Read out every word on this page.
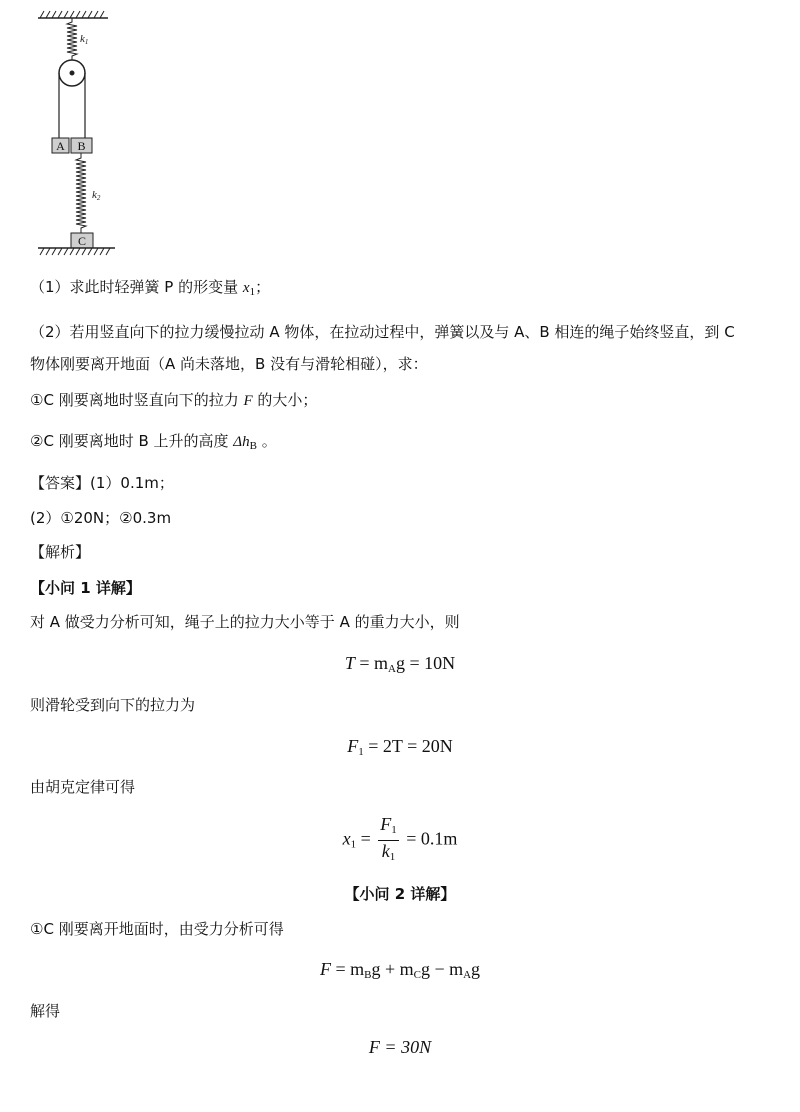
k1
A B
k2
C
（1）求此时轻弹簧 P 的形变量 $x_1$；
（2）若用竖直向下的拉力缓慢拉动 A 物体，在拉动过程中，弹簧以及与 A、B 相连的绳子始终竖直，到 C
物体刚要离开地面（A 尚未落地，B 没有与滑轮相碰），求：
①C 刚要离地时竖直向下的拉力 F 的大小；
②C 刚要离地时 B 上升的高度 $\Delta h_B$ 。
【答案】(1）0.1m；
(2）①20N；②0.3m
【解析】
【小问 1 详解】
对 A 做受力分析可知，绳子上的拉力大小等于 A 的重力大小，则
$T = m_Ag = 10N$
则滑轮受到向下的拉力为
$F_1 = 2T = 20N$
由胡克定律可得
$x_1 = \frac{F_1}{k_1} = 0.1m$
【小问 2 详解】
①C 刚要离开地面时，由受力分析可得
$F = m_Bg + m_Cg - m_Ag$
解得
F = 30N
